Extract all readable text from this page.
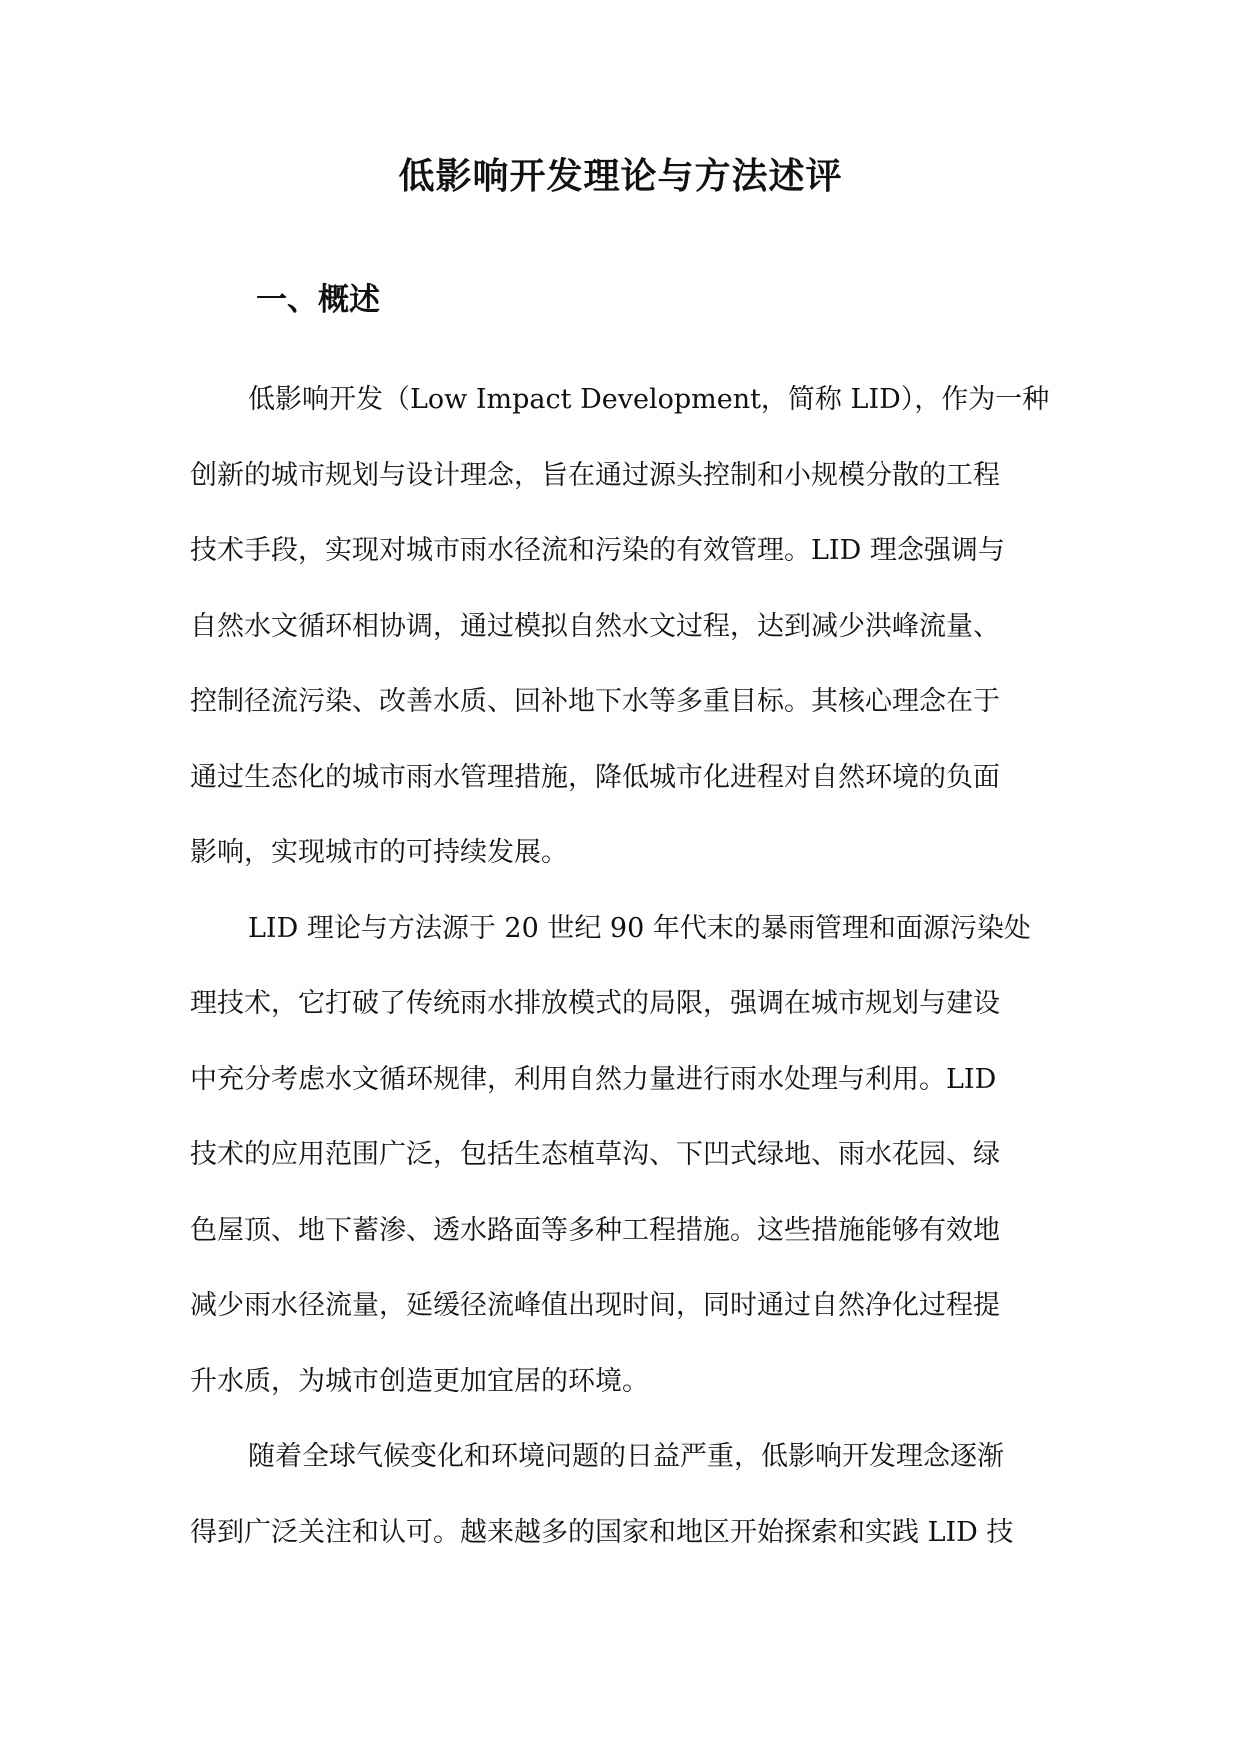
低影响开发理论与方法述评
一、概述
低影响开发（Low Impact Development，简称 LID），作为一种
创新的城市规划与设计理念，旨在通过源头控制和小规模分散的工程
技术手段，实现对城市雨水径流和污染的有效管理。LID 理念强调与
自然水文循环相协调，通过模拟自然水文过程，达到减少洪峰流量、
控制径流污染、改善水质、回补地下水等多重目标。其核心理念在于
通过生态化的城市雨水管理措施，降低城市化进程对自然环境的负面
影响，实现城市的可持续发展。
LID 理论与方法源于 20 世纪 90 年代末的暴雨管理和面源污染处
理技术，它打破了传统雨水排放模式的局限，强调在城市规划与建设
中充分考虑水文循环规律，利用自然力量进行雨水处理与利用。LID
技术的应用范围广泛，包括生态植草沟、下凹式绿地、雨水花园、绿
色屋顶、地下蓄渗、透水路面等多种工程措施。这些措施能够有效地
减少雨水径流量，延缓径流峰值出现时间，同时通过自然净化过程提
升水质，为城市创造更加宜居的环境。
随着全球气候变化和环境问题的日益严重，低影响开发理念逐渐
得到广泛关注和认可。越来越多的国家和地区开始探索和实践 LID 技
